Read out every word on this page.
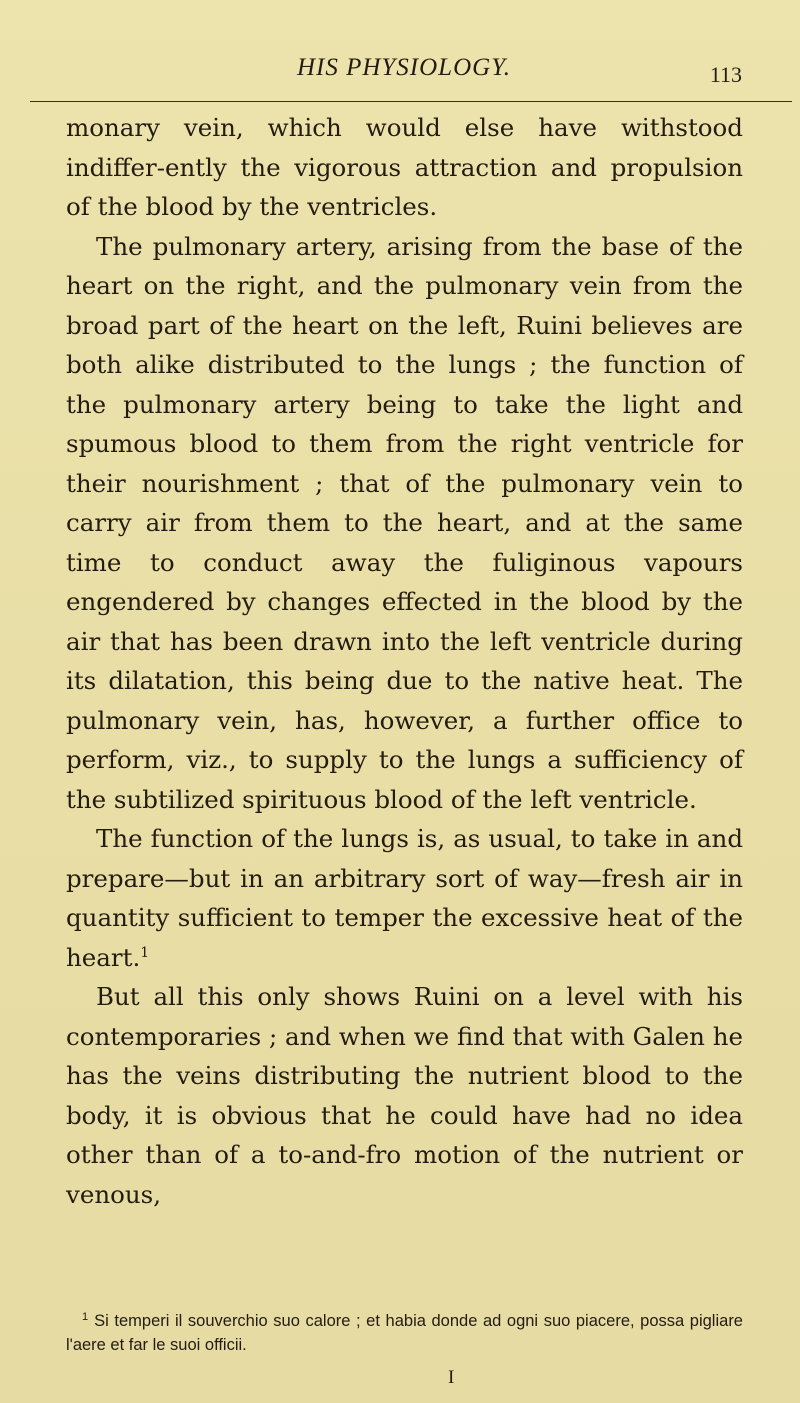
HIS PHYSIOLOGY.	113

monary vein, which would else have withstood indiffer-ently the vigorous attraction and propulsion of the blood by the ventricles.

The pulmonary artery, arising from the base of the heart on the right, and the pulmonary vein from the broad part of the heart on the left, Ruini believes are both alike distributed to the lungs ; the function of the pulmonary artery being to take the light and spumous blood to them from the right ventricle for their nourishment ; that of the pulmonary vein to carry air from them to the heart, and at the same time to conduct away the fuliginous vapours engendered by changes effected in the blood by the air that has been drawn into the left ventricle during its dilatation, this being due to the native heat. The pulmonary vein, has, however, a further office to perform, viz., to supply to the lungs a sufficiency of the subtilized spirituous blood of the left ventricle.

The function of the lungs is, as usual, to take in and prepare—but in an arbitrary sort of way—fresh air in quantity sufficient to temper the excessive heat of the heart.$^1$

But all this only shows Ruini on a level with his contemporaries ; and when we find that with Galen he has the veins distributing the nutrient blood to the body, it is obvious that he could have had no idea other than of a to-and-fro motion of the nutrient or venous,

$^1$ Si temperi il souverchio suo calore ; et habia donde ad ogni suo piacere, possa pigliare l'aere et far le suoi officii.
I
